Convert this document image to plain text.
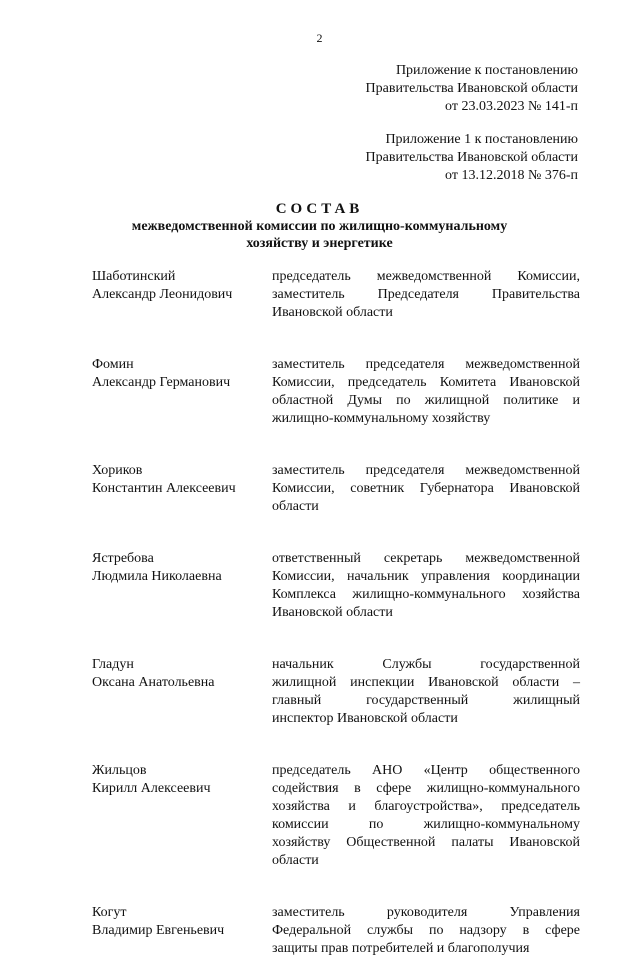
2
Приложение к постановлению
Правительства Ивановской области
от 23.03.2023 № 141-п
Приложение 1 к постановлению
Правительства Ивановской области
от 13.12.2018 № 376-п
СОСТАВ
межведомственной комиссии по жилищно-коммунальному
хозяйству и энергетике
Шаботинский
Александр Леонидович
председатель межведомственной Комиссии,
заместитель Председателя Правительства
Ивановской области
Фомин
Александр Германович
заместитель председателя межведомственной
Комиссии, председатель Комитета Ивановской
областной Думы по жилищной политике и
жилищно-коммунальному хозяйству
Хориков
Константин Алексеевич
заместитель председателя межведомственной
Комиссии, советник Губернатора Ивановской
области
Ястребова
Людмила Николаевна
ответственный секретарь межведомственной
Комиссии, начальник управления координации
Комплекса жилищно-коммунального хозяйства
Ивановской области
Гладун
Оксана Анатольевна
начальник Службы государственной
жилищной инспекции Ивановской области –
главный государственный жилищный
инспектор Ивановской области
Жильцов
Кирилл Алексеевич
председатель АНО «Центр общественного
содействия в сфере жилищно-коммунального
хозяйства и благоустройства», председатель
комиссии по жилищно-коммунальному
хозяйству Общественной палаты Ивановской
области
Когут
Владимир Евгеньевич
заместитель руководителя Управления
Федеральной службы по надзору в сфере
защиты прав потребителей и благополучия
